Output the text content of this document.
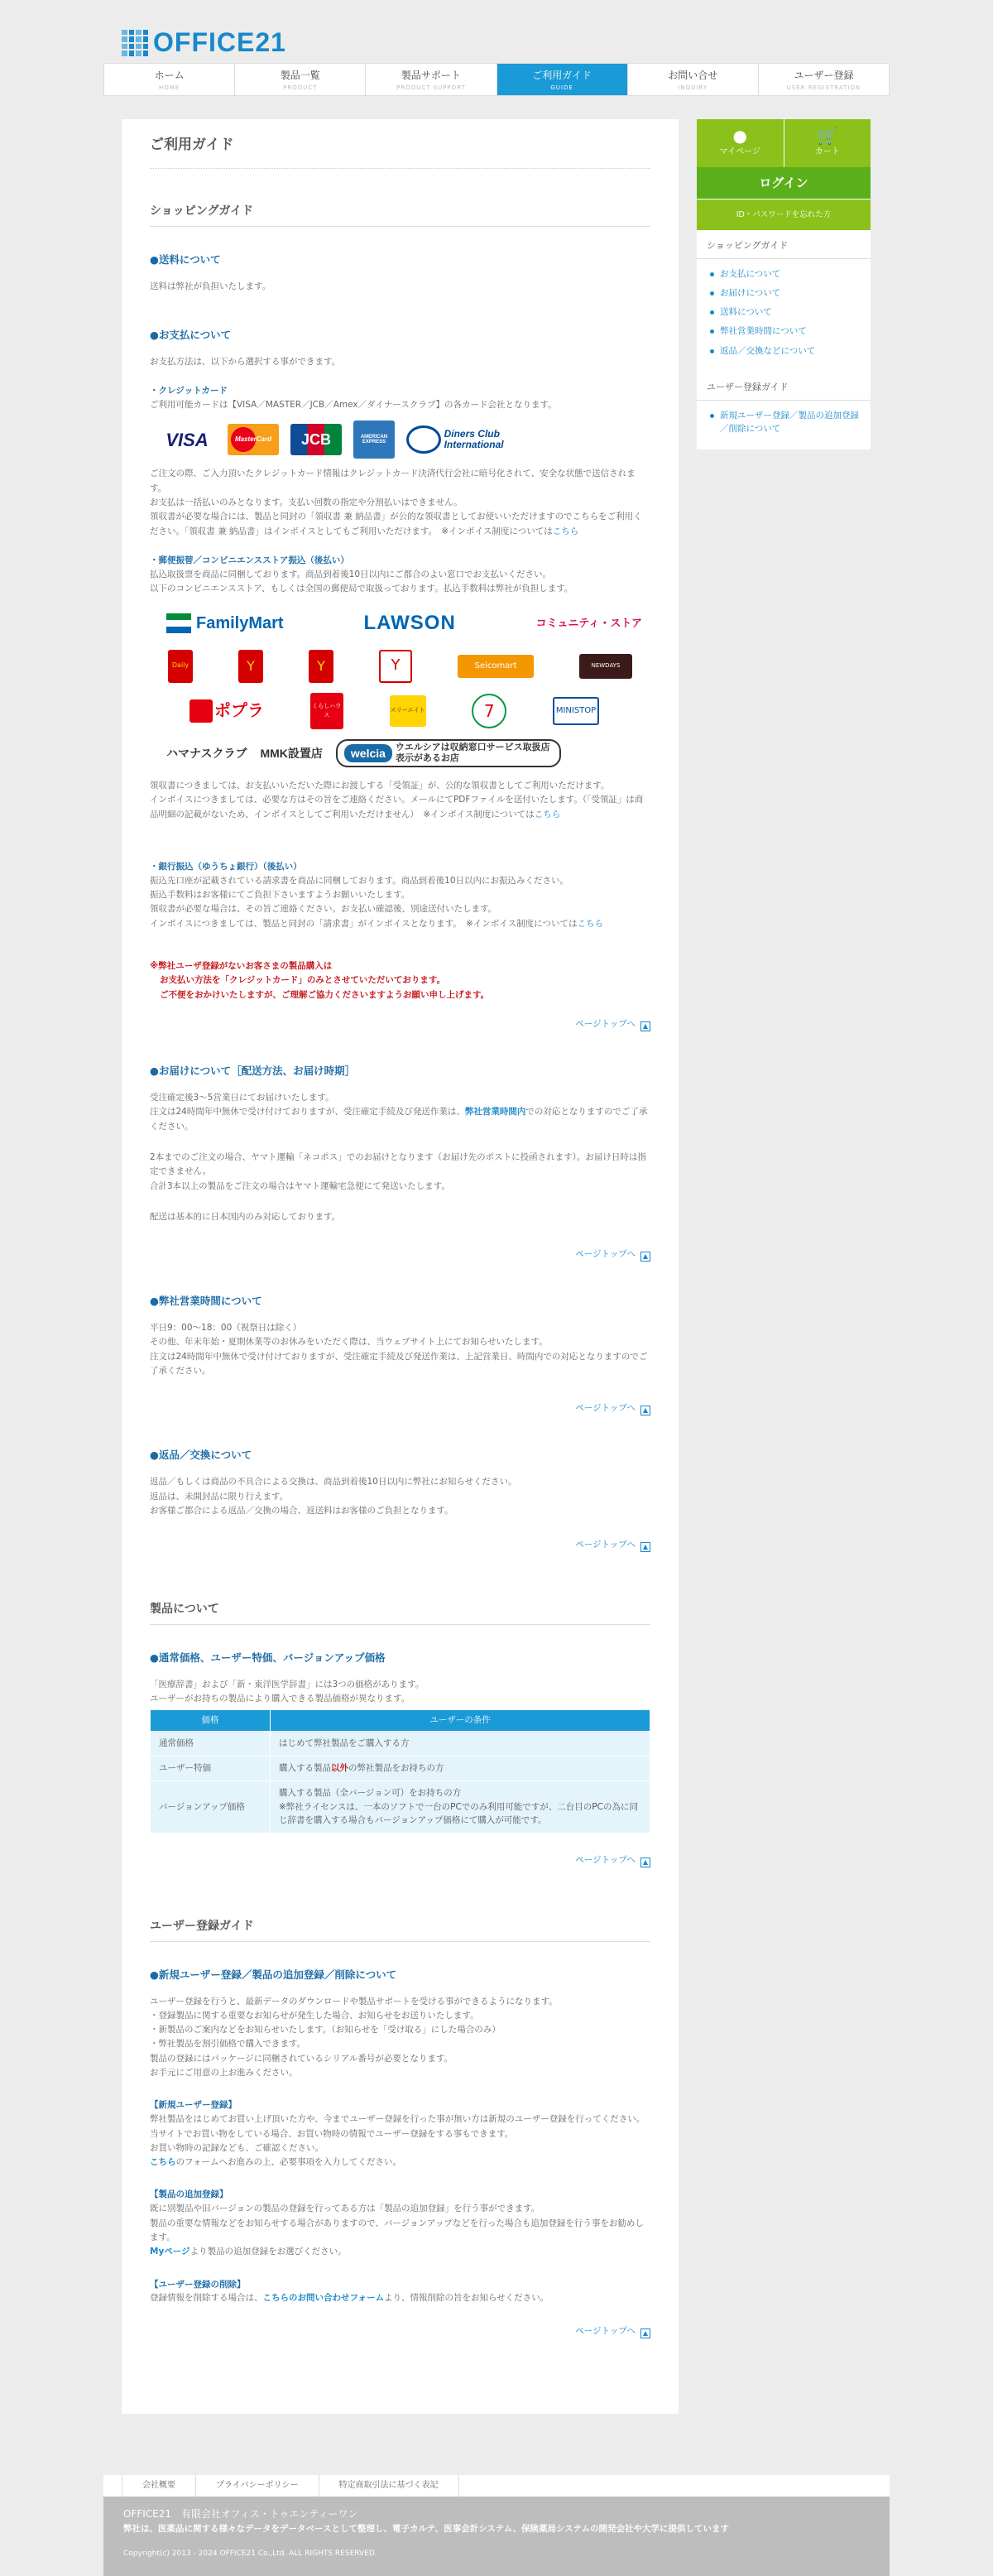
OFFICE21
ホーム
HOME
製品一覧
PRODUCT
製品サポート
PRODUCT SUPPORT
ご利用ガイド
GUIDE
お問い合せ
INQUIRY
ユーザー登録
USER REGISTRATION
ご利用ガイド
ショッピングガイド
●送料について

送料は弊社が負担いたします。

●お支払について

お支払方法は、以下から選択する事ができます。

・クレジットカード

ご利用可能カードは【VISA／MASTER／JCB／Amex／ダイナースクラブ】の各カード会社となります。

VISA	MasterCard	JCB	AMERICAN EXPRESS
Diners Club International

ご注文の際、ご入力頂いたクレジットカード情報はクレジットカード決済代行会社に暗号化されて、安全な状態で送信されます。

お支払は一括払いのみとなります。支払い回数の指定や分割払いはできません。

領収書が必要な場合には、製品と同封の「領収書 兼 納品書」が公的な領収書としてお使いいただけますのでこちらをご利用ください。「領収書 兼 納品書」はインボイスとしてもご利用いただけます。　※インボイス制度についてはこちら

・郵便振替／コンビニエンスストア振込（後払い）

払込取扱票を商品に同梱しております。商品到着後10日以内にご都合のよい窓口でお支払いください。

以下のコンビニエンスストア、もしくは全国の郵便局で取扱っております。払込手数料は弊社が負担します。

FamilyMart	LAWSON	コミュニティ・ストア
Daily	Y	Y	Y	Seicomart	NEWDAYS
ポプラ	くらしハウス
スリーエイト	7	MINISTOP
ハマナスクラブ MMK設置店	welcia	ウエルシアは収納窓口サービス取扱店表示があるお店

領収書につきましては、お支払いいただいた際にお渡しする「受領証」が、公的な領収書としてご利用いただけます。

インボイスにつきましては、必要な方はその旨をご連絡ください。メールにてPDFファイルを送付いたします。（「受領証」は商品明細の記載がないため、インボイスとしてご利用いただけません）　※インボイス制度についてはこちら

・銀行振込（ゆうちょ銀行）（後払い）

振込先口座が記載されている請求書を商品に同梱しております。商品到着後10日以内にお振込みください。

振込手数料はお客様にてご負担下さいますようお願いいたします。

領収書が必要な場合は、その旨ご連絡ください。お支払い確認後、別途送付いたします。

インボイスにつきましては、製品と同封の「請求書」がインボイスとなります。　※インボイス制度についてはこちら

※弊社ユーザ登録がないお客さまの製品購入は

お支払い方法を「クレジットカード」のみとさせていただいております。

ご不便をおかけいたしますが、ご理解ご協力くださいますようお願い申し上げます。

ページトップへ ▲
●お届けについて［配送方法、お届け時期］

受注確定後3～5営業日にてお届けいたします。

注文は24時間年中無休で受け付けておりますが、受注確定手続及び発送作業は、弊社営業時間内での対応となりますのでご了承ください。

2本までのご注文の場合、ヤマト運輸「ネコポス」でのお届けとなります（お届け先のポストに投函されます）。お届け日時は指定できません。

合計3本以上の製品をご注文の場合はヤマト運輸宅急便にて発送いたします。

配送は基本的に日本国内のみ対応しております。

ページトップへ ▲
●弊社営業時間について

平日9：00～18：00（祝祭日は除く）

その他、年末年始・夏期休業等のお休みをいただく際は、当ウェブサイト上にてお知らせいたします。

注文は24時間年中無休で受け付けておりますが、受注確定手続及び発送作業は、上記営業日、時間内での対応となりますのでご了承ください。

ページトップへ ▲
●返品／交換について

返品／もしくは商品の不具合による交換は、商品到着後10日以内に弊社にお知らせください。

返品は、未開封品に限り行えます。

お客様ご都合による返品／交換の場合、返送料はお客様のご負担となります。

ページトップへ ▲
製品について
●通常価格、ユーザー特価、バージョンアップ価格

「医療辞書」および「新・東洋医学辞書」には3つの価格があります。

ユーザーがお持ちの製品により購入できる製品価格が異なります。

価格	ユーザーの条件
通常価格	はじめて弊社製品をご購入する方
ユーザー特価	購入する製品以外の弊社製品をお持ちの方
バージョンアップ価格	購入する製品（全バージョン可）をお持ちの方
※弊社ライセンスは、一本のソフトで一台のPCでのみ利用可能ですが、二台目のPCの為に同じ辞書を購入する場合もバージョンアップ価格にて購入が可能です。
ページトップへ ▲
ユーザー登録ガイド
●新規ユーザー登録／製品の追加登録／削除について

ユーザー登録を行うと、最新データのダウンロードや製品サポートを受ける事ができるようになります。

・登録製品に関する重要なお知らせが発生した場合、お知らせをお送りいたします。

・新製品のご案内などをお知らせいたします。（お知らせを「受け取る」にした場合のみ）

・弊社製品を割引価格で購入できます。

製品の登録にはパッケージに同梱されているシリアル番号が必要となります。

お手元にご用意の上お進みください。

【新規ユーザー登録】

弊社製品をはじめてお買い上げ頂いた方や、今までユーザー登録を行った事が無い方は新規のユーザー登録を行ってください。

当サイトでお買い物をしている場合、お買い物時の情報でユーザー登録をする事もできます。

お買い物時の記録なども、ご確認ください。

こちらのフォームへお進みの上、必要事項を入力してください。

【製品の追加登録】

既に別製品や旧バージョンの製品の登録を行ってある方は「製品の追加登録」を行う事ができます。

製品の重要な情報などをお知らせする場合がありますので、バージョンアップなどを行った場合も追加登録を行う事をお勧めします。

Myページより製品の追加登録をお選びください。

【ユーザー登録の削除】

登録情報を削除する場合は、こちらのお問い合わせフォームより、情報削除の旨をお知らせください。

ページトップへ ▲
●
マイページ
🛒
カート
ログイン
ID・パスワードを忘れた方
ショッピングガイド
お支払について
お届けについて
送料について
弊社営業時間について
返品／交換などについて
ユーザー登録ガイド
新規ユーザー登録／製品の追加登録／削除について
会社概要	プライバシーポリシー	特定商取引法に基づく表記
OFFICE21　有限会社オフィス・トゥエンティーワン
弊社は、医薬品に関する様々なデータをデータベースとして整理し、電子カルテ、医事会計システム、保険薬局システムの開発会社や大学に提供しています
Copyright(c) 2013 - 2024 OFFICE21 Co.,Ltd. ALL RIGHTS RESERVED.
